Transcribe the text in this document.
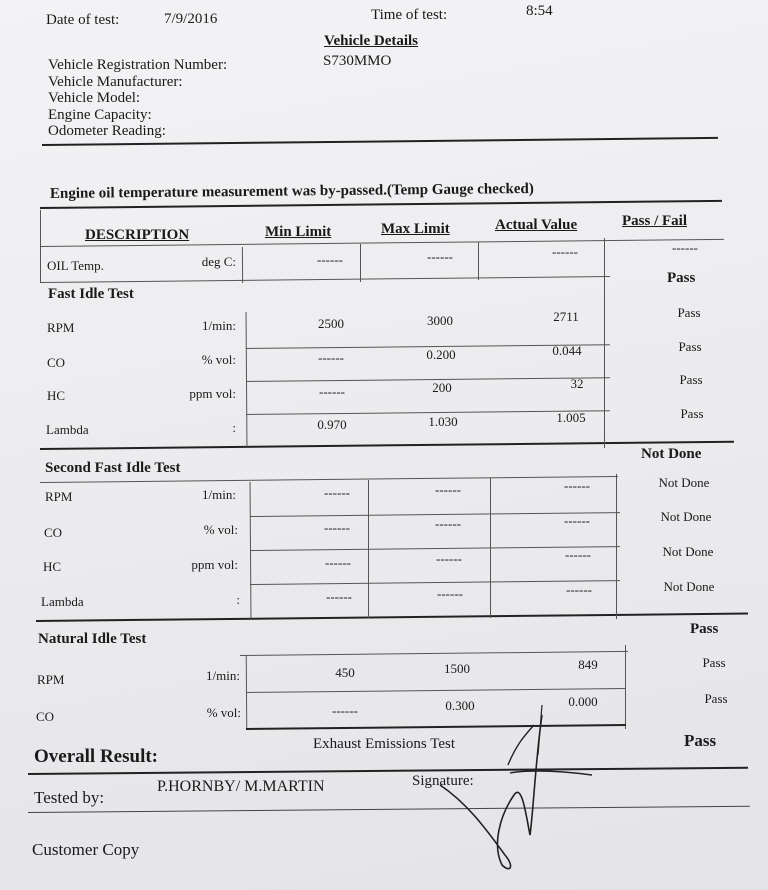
Date of test:	7/9/2016	Time of test:	8:54
Vehicle Details
S730MMO
Vehicle Registration Number:
Vehicle Manufacturer:
Vehicle Model:
Engine Capacity:
Odometer Reading:
Engine oil temperature measurement was by-passed.(Temp Gauge checked)
DESCRIPTION	Min Limit	Max Limit	Actual Value	Pass / Fail
OIL Temp.	deg C:	------	------	------	------
Fast Idle Test
Pass
RPM	1/min:	2500	3000	2711	Pass
CO	% vol:	------	0.200	0.044	Pass
HC	ppm vol:	------	200	32	Pass
Lambda	:	0.970	1.030	1.005	Pass
Second Fast Idle Test
Not Done
RPM	1/min:	------	------	------	Not Done
CO	% vol:	------	------	------	Not Done
HC	ppm vol:	------	------	------	Not Done
Lambda	:	------	------	------	Not Done
Natural Idle Test
Pass
RPM	1/min:	450	1500	849	Pass
CO	% vol:	------	0.300	0.000	Pass
Overall Result:
Exhaust Emissions Test	Pass
Tested by:
P.HORNBY/ M.MARTIN	Signature:
Customer Copy
